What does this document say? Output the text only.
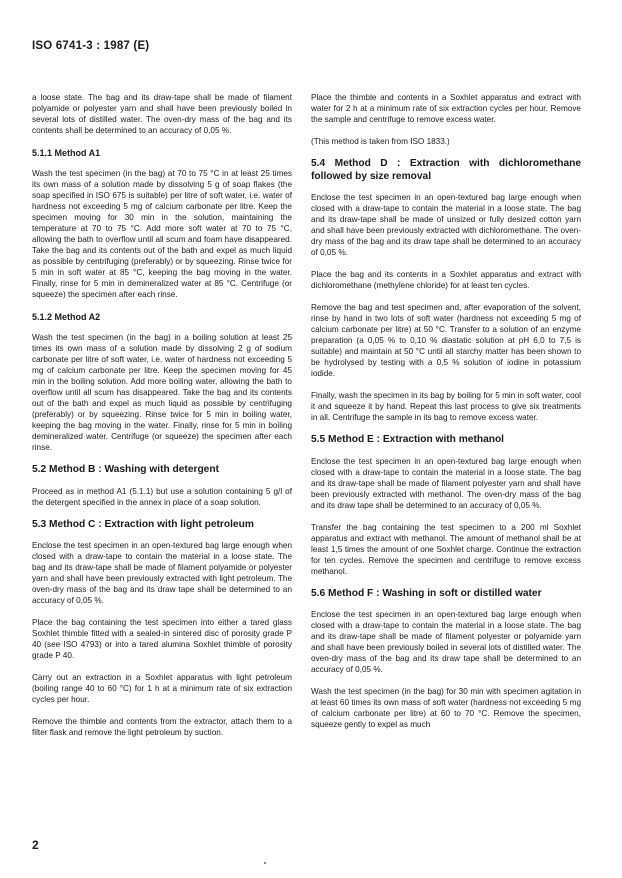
ISO 6741-3 : 1987 (E)

a loose state. The bag and its draw-tape shall be made of filament polyamide or polyester yarn and shall have been previously boiled in several lots of distilled water. The oven-dry mass of the bag and its contents shall be determined to an accuracy of 0,05 %.

5.1.1 Method A1

Wash the test specimen (in the bag) at 70 to 75 °C in at least 25 times its own mass of a solution made by dissolving 5 g of soap flakes (the soap specified in ISO 675 is suitable) per litre of soft water, i.e. water of hardness not exceeding 5 mg of calcium carbonate per litre. Keep the specimen moving for 30 min in the solution, maintaining the temperature at 70 to 75 °C. Add more soft water at 70 to 75 °C, allowing the bath to overflow until all scum and foam have disappeared. Take the bag and its contents out of the bath and expel as much liquid as possible by centrifuging (preferably) or by squeezing. Rinse twice for 5 min in soft water at 85 °C, keeping the bag moving in the water. Finally, rinse for 5 min in demineralized water at 85 °C. Centrifuge (or squeeze) the specimen after each rinse.

5.1.2 Method A2

Wash the test specimen (in the bag) in a boiling solution at least 25 times its own mass of a solution made by dissolving 2 g of sodium carbonate per litre of soft water, i.e. water of hardness not exceeding 5 mg of calcium carbonate per litre. Keep the specimen moving for 45 min in the boiling solution. Add more boiling water, allowing the bath to overflow until all scum has disappeared. Take the bag and its contents out of the bath and expel as much liquid as possible by centrifuging (preferably) or by squeezing. Rinse twice for 5 min in boiling water, keeping the bag moving in the water. Finally, rinse for 5 min in boiling demineralized water. Centrifuge (or squeeze) the specimen after each rinse.

5.2 Method B : Washing with detergent

Proceed as in method A1 (5.1.1) but use a solution containing 5 g/l of the detergent specified in the annex in place of a soap solution.

5.3 Method C : Extraction with light petroleum

Enclose the test specimen in an open-textured bag large enough when closed with a draw-tape to contain the material in a loose state. The bag and its draw-tape shall be made of filament polyamide or polyester yarn and shall have been previously extracted with light petroleum. The oven-dry mass of the bag and its draw tape shall be determined to an accuracy of 0,05 %.

Place the bag containing the test specimen into either a tared glass Soxhlet thimble fitted with a sealed-in sintered disc of porosity grade P 40 (see ISO 4793) or into a tared alumina Soxhlet thimble of porosity grade P 40.

Carry out an extraction in a Soxhlet apparatus with light petroleum (boiling range 40 to 60 °C) for 1 h at a minimum rate of six extraction cycles per hour.

Remove the thimble and contents from the extractor, attach them to a filter flask and remove the light petroleum by suction.

Place the thimble and contents in a Soxhlet apparatus and extract with water for 2 h at a minimum rate of six extraction cycles per hour. Remove the sample and centrifuge to remove excess water.

(This method is taken from ISO 1833.)

5.4 Method D : Extraction with dichloromethane followed by size removal

Enclose the test specimen in an open-textured bag large enough when closed with a draw-tape to contain the material in a loose state. The bag and its draw-tape shall be made of unsized or fully desized cotton yarn and shall have been previously extracted with dichloromethane. The oven-dry mass of the bag and its draw tape shall be determined to an accuracy of 0,05 %.

Place the bag and its contents in a Soxhlet apparatus and extract with dichloromethane (methylene chloride) for at least ten cycles.

Remove the bag and test specimen and, after evaporation of the solvent, rinse by hand in two lots of soft water (hardness not exceeding 5 mg of calcium carbonate per litre) at 50 °C. Transfer to a solution of an enzyme preparation (a 0,05 % to 0,10 % diastatic solution at pH 6,0 to 7,5 is suitable) and maintain at 50 °C until all starchy matter has been shown to be hydrolysed by testing with a 0,5 % solution of iodine in potassium iodide.

Finally, wash the specimen in its bag by boiling for 5 min in soft water, cool it and squeeze it by hand. Repeat this last process to give six treatments in all. Centrifuge the sample in its bag to remove excess water.

5.5 Method E : Extraction with methanol

Enclose the test specimen in an open-textured bag large enough when closed with a draw-tape to contain the material in a loose state. The bag and its draw-tape shall be made of filament polyester yarn and shall have been previously extracted with methanol. The oven-dry mass of the bag and its draw tape shall be determined to an accuracy of 0,05 %.

Transfer the bag containing the test specimen to a 200 ml Soxhlet apparatus and extract with methanol. The amount of methanol shall be at least 1,5 times the amount of one Soxhlet charge. Continue the extraction for ten cycles. Remove the specimen and centrifuge to remove excess methanol.

5.6 Method F : Washing in soft or distilled water

Enclose the test specimen in an open-textured bag large enough when closed with a draw-tape to contain the material in a loose state. The bag and its draw-tape shall be made of filament polyester or polyamide yarn and shall have been previously boiled in several lots of distilled water. The oven-dry mass of the bag and its draw tape shall be determined to an accuracy of 0,05 %.

Wash the test specimen (in the bag) for 30 min with specimen agitation in at least 60 times its own mass of soft water (hardness not exceeding 5 mg of calcium carbonate per litre) at 60 to 70 °C. Remove the specimen, squeeze gently to expel as much

2
